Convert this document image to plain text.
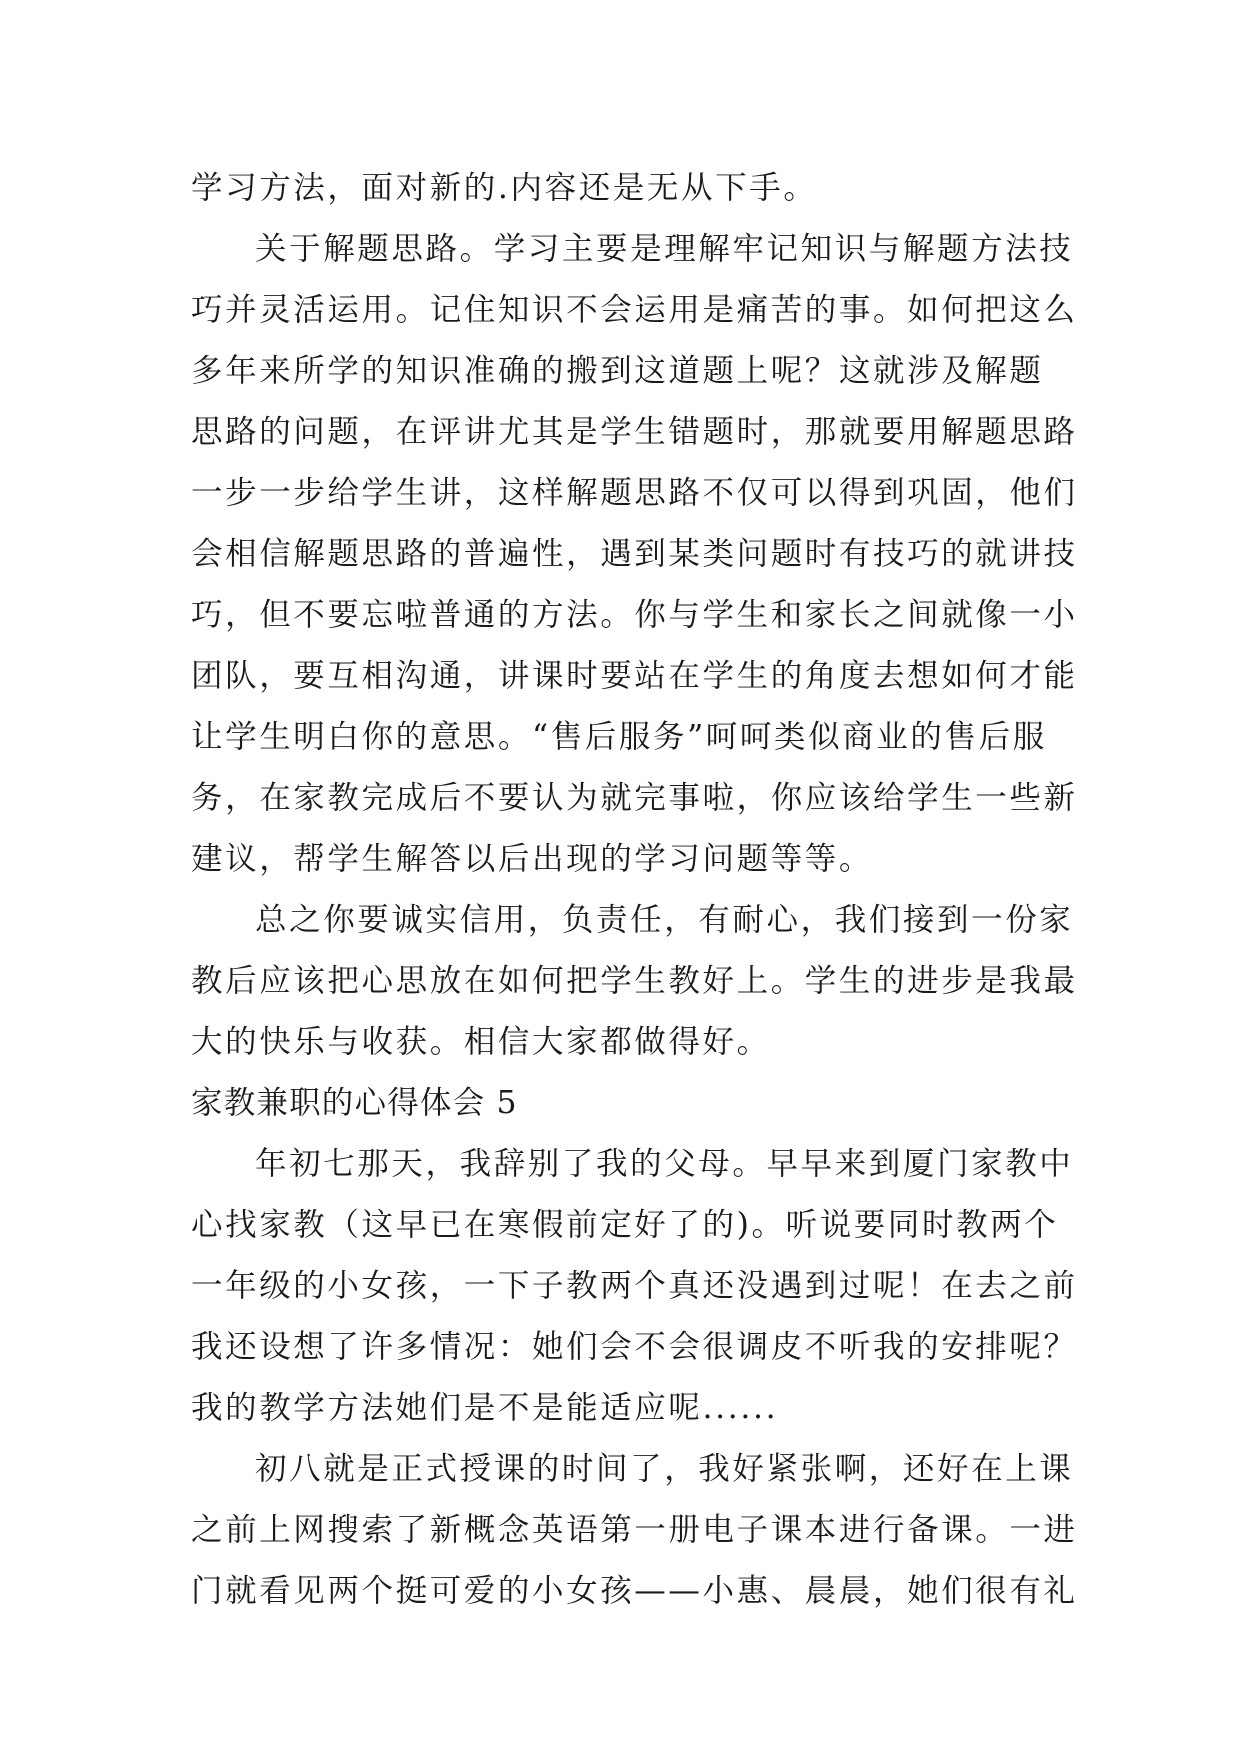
学习方法，面对新的.内容还是无从下手。
关于解题思路。学习主要是理解牢记知识与解题方法技
巧并灵活运用。记住知识不会运用是痛苦的事。如何把这么
多年来所学的知识准确的搬到这道题上呢？这就涉及解题
思路的问题，在评讲尤其是学生错题时，那就要用解题思路
一步一步给学生讲，这样解题思路不仅可以得到巩固，他们
会相信解题思路的普遍性，遇到某类问题时有技巧的就讲技
巧，但不要忘啦普通的方法。你与学生和家长之间就像一小
团队，要互相沟通，讲课时要站在学生的角度去想如何才能
让学生明白你的意思。“售后服务”呵呵类似商业的售后服
务，在家教完成后不要认为就完事啦，你应该给学生一些新
建议，帮学生解答以后出现的学习问题等等。
总之你要诚实信用，负责任，有耐心，我们接到一份家
教后应该把心思放在如何把学生教好上。学生的进步是我最
大的快乐与收获。相信大家都做得好。
家教兼职的心得体会 5
年初七那天，我辞别了我的父母。早早来到厦门家教中
心找家教（这早已在寒假前定好了的)。听说要同时教两个
一年级的小女孩，一下子教两个真还没遇到过呢！在去之前
我还设想了许多情况：她们会不会很调皮不听我的安排呢？
我的教学方法她们是不是能适应呢......
初八就是正式授课的时间了，我好紧张啊，还好在上课
之前上网搜索了新概念英语第一册电子课本进行备课。一进
门就看见两个挺可爱的小女孩——小惠、晨晨，她们很有礼
